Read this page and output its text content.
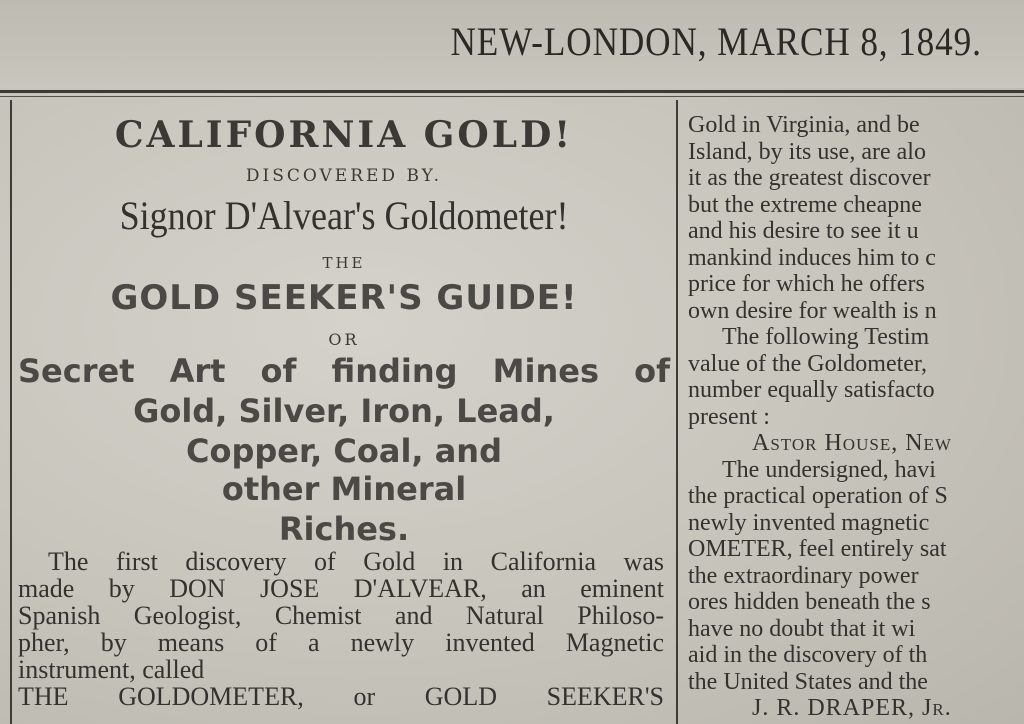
NEW-LONDON, MARCH 8, 1849.
CALIFORNIA GOLD!
DISCOVERED BY.
Signor D'Alvear's Goldometer!
THE
GOLD SEEKER'S GUIDE!
OR
Secret Art of finding Mines of
Gold, Silver, Iron, Lead,
Copper, Coal, and
other Mineral
Riches.
The first discovery of Gold in California was
made by DON JOSE D'ALVEAR, an eminent
Spanish Geologist, Chemist and Natural Philoso-
pher, by means of a newly invented Magnetic
instrument, called
THE GOLDOMETER, or GOLD SEEKER'S
Gold in Virginia, and be
Island, by its use, are alo
it as the greatest discover
but the extreme cheapne
and his desire to see it u
mankind induces him to c
price for which he offers
own desire for wealth is n
The following Testim
value of the Goldometer,
number equally satisfacto
present :
Astor House, New
The undersigned, havi
the practical operation of S
newly invented magnetic
OMETER, feel entirely sat
the extraordinary power
ores hidden beneath the s
have no doubt that it wi
aid in the discovery of th
the United States and the
J. R. DRAPER, Jr.
